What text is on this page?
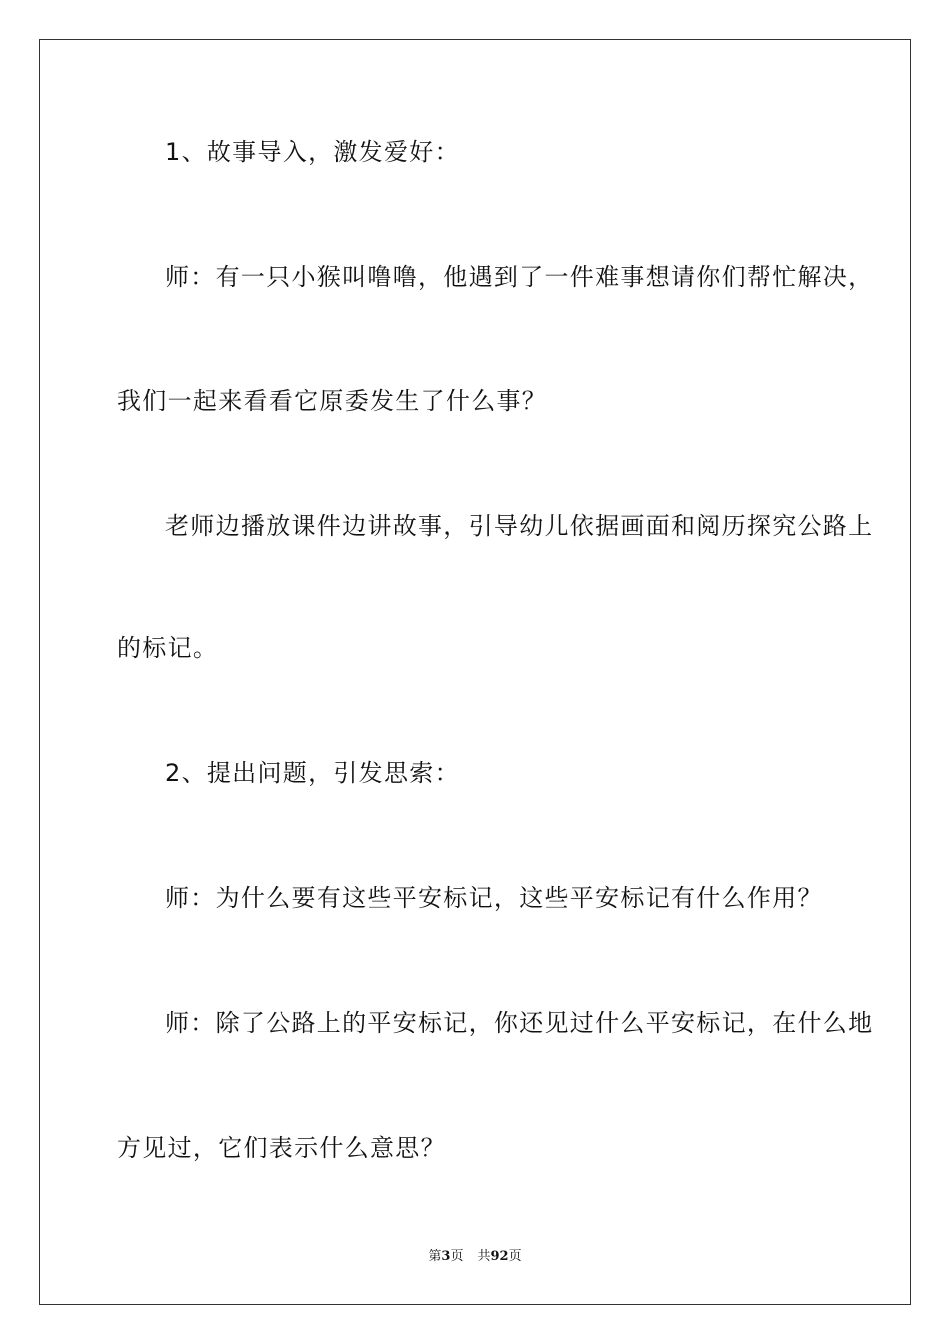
1、故事导入，激发爱好：
师：有一只小猴叫噜噜，他遇到了一件难事想请你们帮忙解决，
我们一起来看看它原委发生了什么事？
老师边播放课件边讲故事，引导幼儿依据画面和阅历探究公路上
的标记。
2、提出问题，引发思索：
师：为什么要有这些平安标记，这些平安标记有什么作用？
师：除了公路上的平安标记，你还见过什么平安标记，在什么地
方见过，它们表示什么意思？
第3页 共92页
